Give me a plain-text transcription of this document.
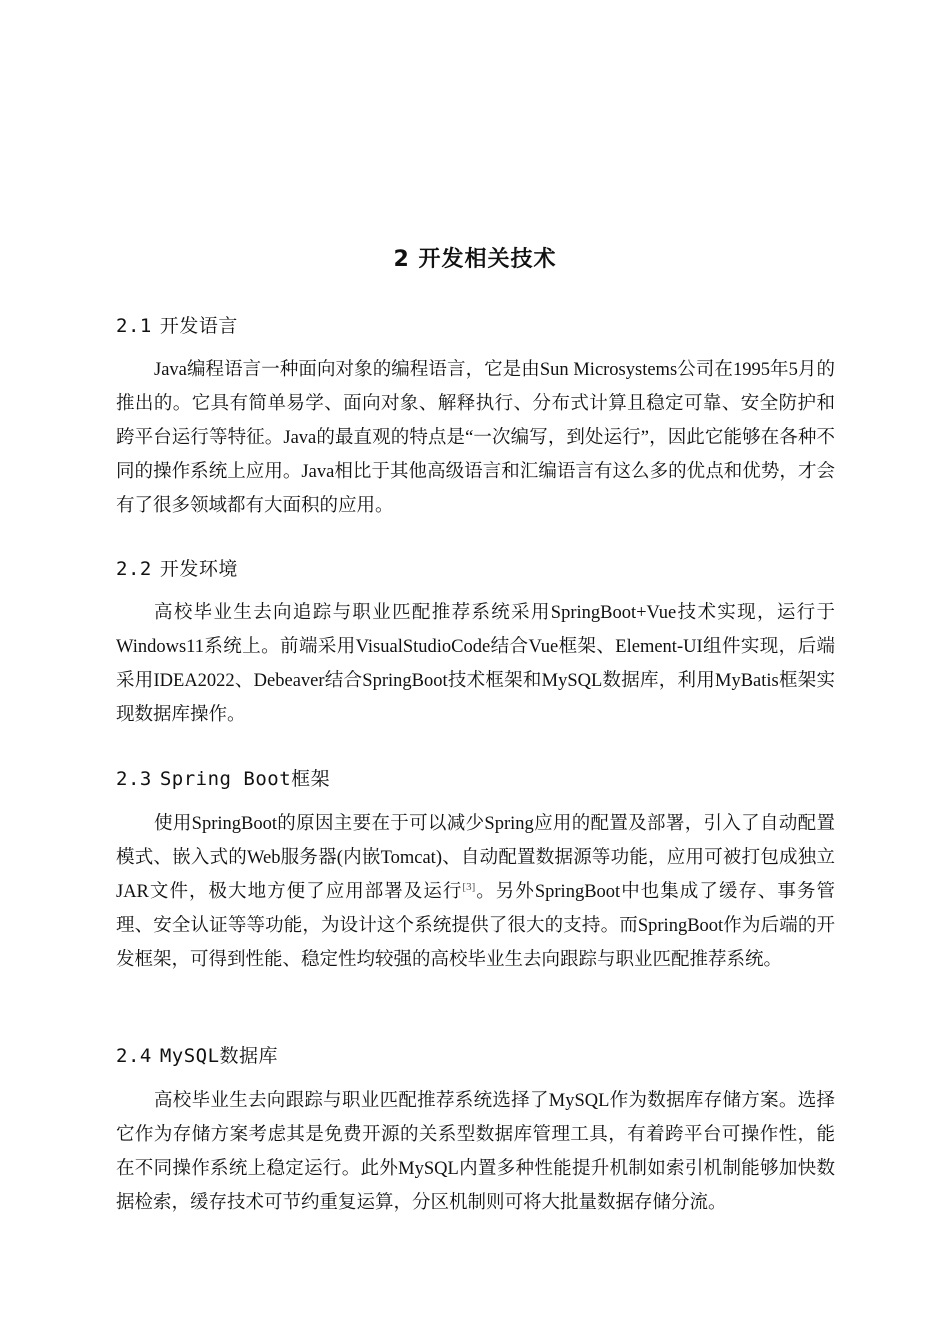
2 开发相关技术
2.1 开发语言

Java编程语言一种面向对象的编程语言，它是由Sun Microsystems公司在1995年5月的推出的。它具有简单易学、面向对象、解释执行、分布式计算且稳定可靠、安全防护和跨平台运行等特征。Java的最直观的特点是“一次编写，到处运行”，因此它能够在各种不同的操作系统上应用。Java相比于其他高级语言和汇编语言有这么多的优点和优势，才会有了很多领域都有大面积的应用。

2.2 开发环境

高校毕业生去向追踪与职业匹配推荐系统采用SpringBoot+Vue技术实现，运行于Windows11系统上。前端采用VisualStudioCode结合Vue框架、Element-UI组件实现，后端采用IDEA2022、Debeaver结合SpringBoot技术框架和MySQL数据库，利用MyBatis框架实现数据库操作。

2.3 Spring Boot框架

使用SpringBoot的原因主要在于可以减少Spring应用的配置及部署，引入了自动配置模式、嵌入式的Web服务器(内嵌Tomcat)、自动配置数据源等功能，应用可被打包成独立JAR文件，极大地方便了应用部署及运行[3]。另外SpringBoot中也集成了缓存、事务管理、安全认证等等功能，为设计这个系统提供了很大的支持。而SpringBoot作为后端的开发框架，可得到性能、稳定性均较强的高校毕业生去向跟踪与职业匹配推荐系统。

2.4 MySQL数据库

高校毕业生去向跟踪与职业匹配推荐系统选择了MySQL作为数据库存储方案。选择它作为存储方案考虑其是免费开源的关系型数据库管理工具，有着跨平台可操作性，能在不同操作系统上稳定运行。此外MySQL内置多种性能提升机制如索引机制能够加快数据检索，缓存技术可节约重复运算，分区机制则可将大批量数据存储分流。
